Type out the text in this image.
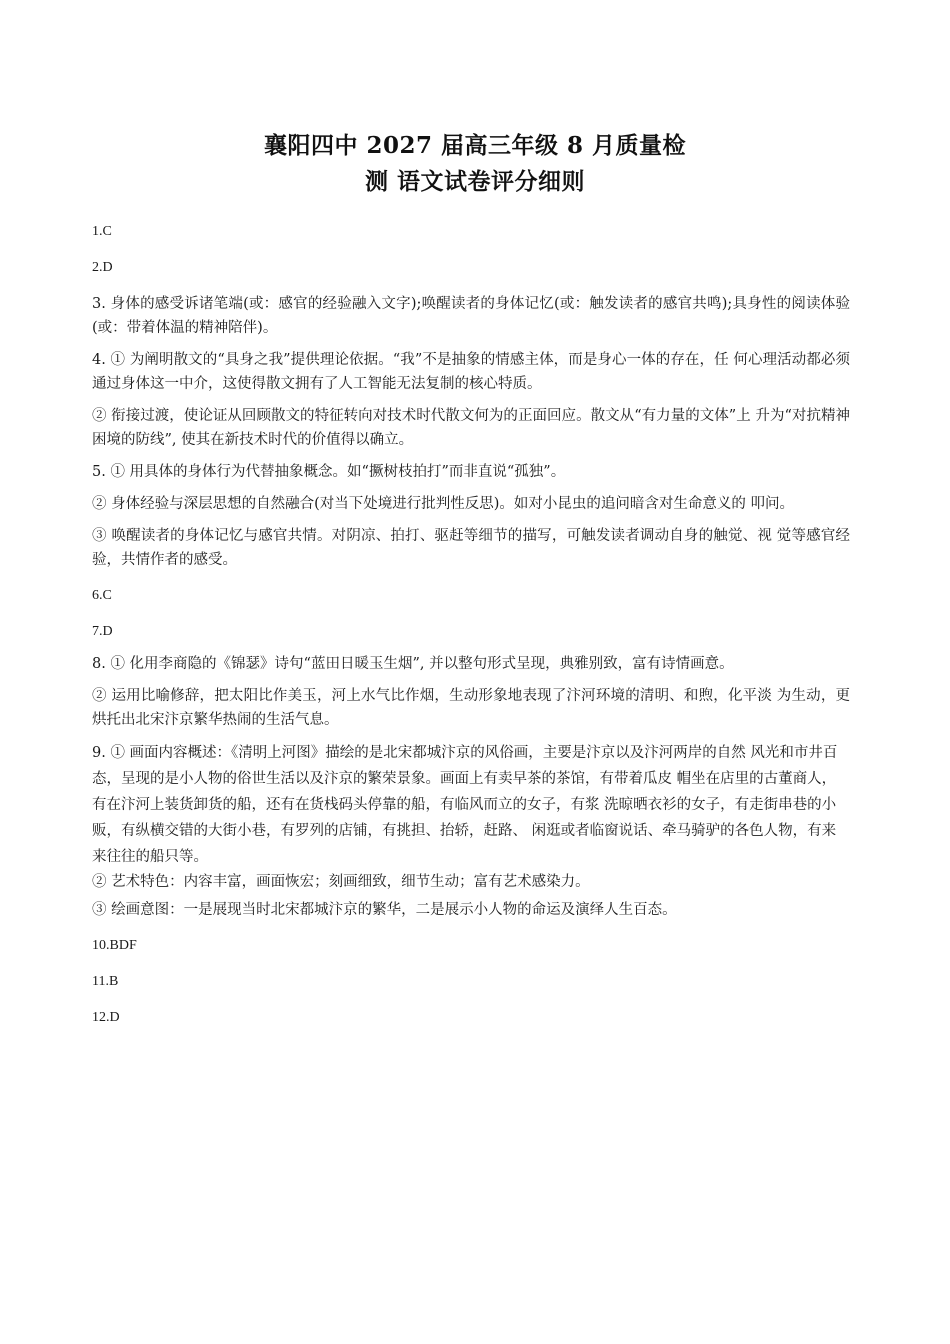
襄阳四中 2027 届高三年级 8 月质量检
测 语文试卷评分细则

1.C

2.D

3. 身体的感受诉诸笔端(或：感官的经验融入文字);唤醒读者的身体记忆(或：触发读者的感官共鸣);具身性的阅读体验(或：带着体温的精神陪伴)。

4. ① 为阐明散文的“具身之我”提供理论依据。“我”不是抽象的情感主体，而是身心一体的存在，任 何心理活动都必须通过身体这一中介，这使得散文拥有了人工智能无法复制的核心特质。

② 衔接过渡，使论证从回顾散文的特征转向对技术时代散文何为的正面回应。散文从“有力量的文体”上 升为“对抗精神困境的防线”, 使其在新技术时代的价值得以确立。

5. ① 用具体的身体行为代替抽象概念。如“撅树枝拍打”而非直说“孤独”。

② 身体经验与深层思想的自然融合(对当下处境进行批判性反思)。如对小昆虫的追问暗含对生命意义的 叩问。

③ 唤醒读者的身体记忆与感官共情。对阴凉、拍打、驱赶等细节的描写，可触发读者调动自身的触觉、视 觉等感官经验，共情作者的感受。

6.C

7.D

8. ① 化用李商隐的《锦瑟》诗句“蓝田日暖玉生烟”, 并以整句形式呈现，典雅别致，富有诗情画意。

② 运用比喻修辞，把太阳比作美玉，河上水气比作烟，生动形象地表现了汴河环境的清明、和煦，化平淡 为生动，更烘托出北宋汴京繁华热闹的生活气息。

9. ① 画面内容概述：《清明上河图》描绘的是北宋都城汴京的风俗画，主要是汴京以及汴河两岸的自然 风光和市井百态，呈现的是小人物的俗世生活以及汴京的繁荣景象。画面上有卖早茶的茶馆，有带着瓜皮 帽坐在店里的古董商人，有在汴河上装货卸货的船，还有在货栈码头停靠的船，有临风而立的女子，有浆 洗晾晒衣衫的女子，有走街串巷的小贩，有纵横交错的大街小巷，有罗列的店铺，有挑担、抬轿，赶路、 闲逛或者临窗说话、牵马骑驴的各色人物，有来来往往的船只等。

② 艺术特色：内容丰富，画面恢宏；刻画细致，细节生动；富有艺术感染力。

③ 绘画意图：一是展现当时北宋都城汴京的繁华，二是展示小人物的命运及演绎人生百态。

10.BDF

11.B

12.D
